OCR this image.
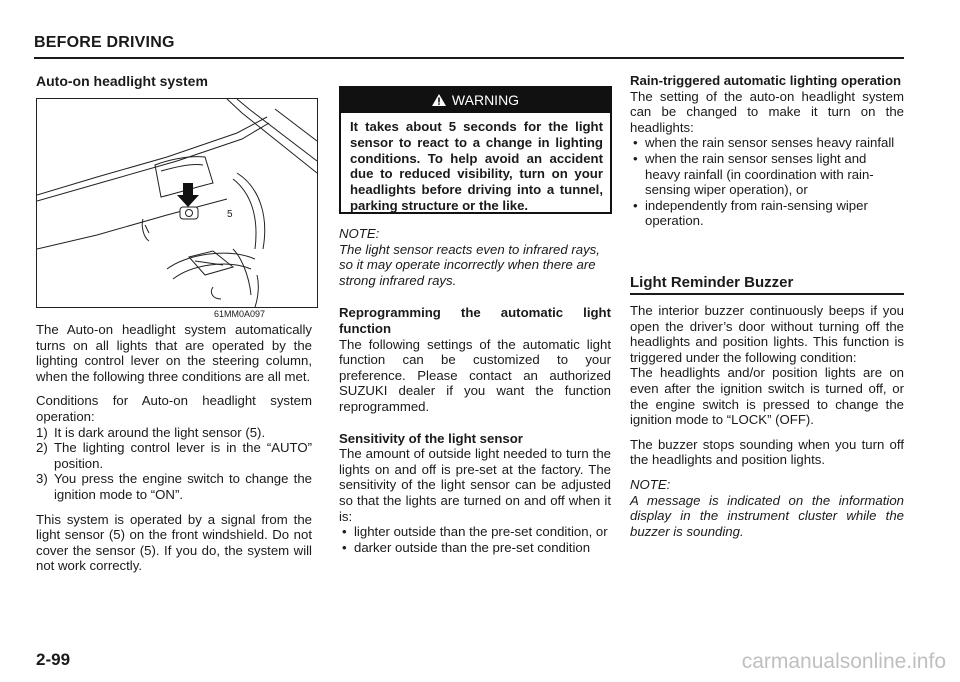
BEFORE DRIVING

Auto-on headlight system

5
61MM0A097

The Auto-on headlight system automatically turns on all lights that are operated by the lighting control lever on the steering column, when the following three conditions are all met.

Conditions for Auto-on headlight system operation:

1) It is dark around the light sensor (5).
2) The lighting control lever is in the “AUTO” position.
3) You press the engine switch to change the ignition mode to “ON”.

This system is operated by a signal from the light sensor (5) on the front windshield. Do not cover the sensor (5). If you do, the system will not work correctly.

WARNING
It takes about 5 seconds for the light sensor to react to a change in lighting conditions. To help avoid an accident due to reduced visibility, turn on your headlights before driving into a tunnel, parking structure or the like.

NOTE:

The light sensor reacts even to infrared rays, so it may operate incorrectly when there are strong infrared rays.

Reprogramming the automatic light function

The following settings of the automatic light function can be customized to your preference. Please contact an authorized SUZUKI dealer if you want the function reprogrammed.

Sensitivity of the light sensor

The amount of outside light needed to turn the lights on and off is pre-set at the factory. The sensitivity of the light sensor can be adjusted so that the lights are turned on and off when it is:

• lighter outside than the pre-set condition, or
• darker outside than the pre-set condition

Rain-triggered automatic lighting operation

The setting of the auto-on headlight system can be changed to make it turn on the headlights:

• when the rain sensor senses heavy rainfall
• when the rain sensor senses light and heavy rainfall (in coordination with rain-sensing wiper operation), or
• independently from rain-sensing wiper operation.
Light Reminder Buzzer

The interior buzzer continuously beeps if you open the driver’s door without turning off the headlights and position lights. This function is triggered under the following condition:

The headlights and/or position lights are on even after the ignition switch is turned off, or the engine switch is pressed to change the ignition mode to “LOCK” (OFF).

The buzzer stops sounding when you turn off the headlights and position lights.

NOTE:

A message is indicated on the information display in the instrument cluster while the buzzer is sounding.

2-99	carmanualsonline.info
